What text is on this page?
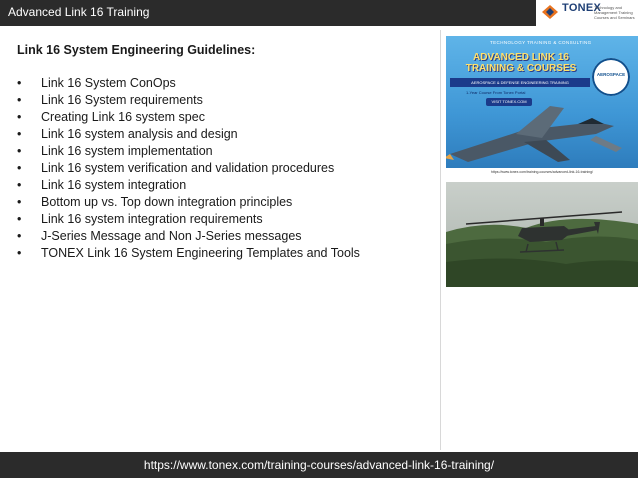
Advanced Link 16 Training	TONEX
Technology and Management Training Courses and Seminars
Link 16 System Engineering Guidelines:
• Link 16 System ConOps
• Link 16 System requirements
• Creating Link 16 system spec
• Link 16 system analysis and design
• Link 16 system implementation
• Link 16 system verification and validation procedures
• Link 16 system integration
• Bottom up vs. Top down integration principles
• Link 16 system integration requirements
• J-Series Message and Non J-Series messages
• TONEX Link 16 System Engineering Templates and Tools
TECHNOLOGY TRAINING & CONSULTING
ADVANCED LINK 16
TRAINING & COURSES
AEROSPACE & DEFENSE ENGINEERING TRAINING
1-Year Course From Tonex Portal
VISIT TONEX.COM
AEROSPACE
https://www.tonex.com/training-courses/advanced-link-16-training/
https://www.tonex.com/training-courses/advanced-link-16-training/
